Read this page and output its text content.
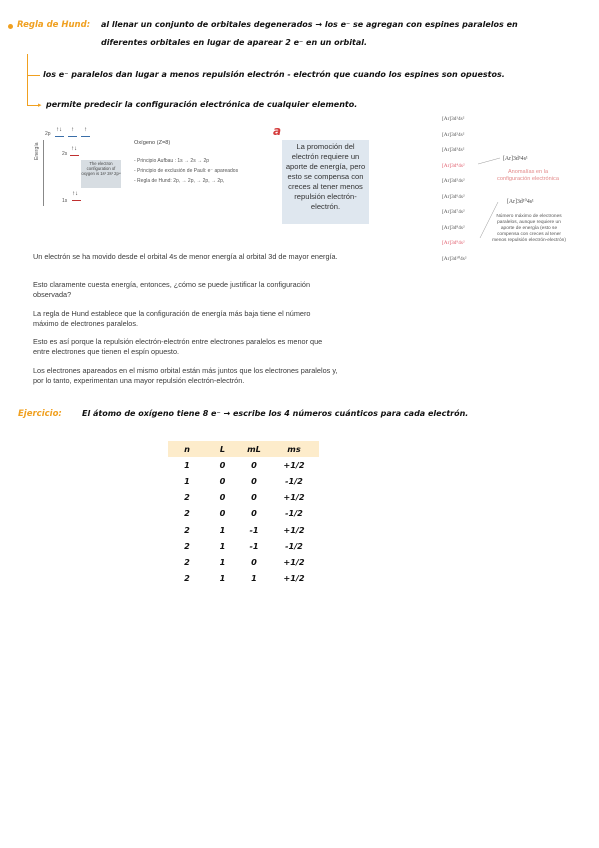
Regla de Hund: al llenar un conjunto de orbitales degenerados → los e⁻ se agregan con espines paralelos en
diferentes orbitales en lugar de aparear 2 e⁻ en un orbital.
los e⁻ paralelos dan lugar a menos repulsión electrón - electrón que cuando los espines son opuestos.
▸ permite predecir la configuración electrónica de cualquier elemento.
Energía
2p
↑↓ ↑ ↑
2s
↑↓
1s
↑↓
The electron configuration of oxygen is 1s² 2s² 2p⁴
Oxígeno (Z=8)
- Principio Aufbau : 1s → 2s → 2p
- Principio de exclusión de Pauli: e⁻ apareados
- Regla de Hund: 2p, → 2p, → 2p, → 2p,
a
La promoción del electrón requiere un aporte de energía, pero esto se compensa con creces al tener menos repulsión electrón-electrón.
[Ar]3d¹4s²
[Ar]3d²4s²
[Ar]3d³4s²
[Ar]3d⁴4s²
[Ar]3d⁵4s²
[Ar]3d⁶4s²
[Ar]3d⁷4s²
[Ar]3d⁸4s²
[Ar]3d⁹4s²
[Ar]3d¹⁰4s²
[Ar]3d⁵4s¹
Anomalías en la configuración electrónica
[Ar]3d¹⁰4s¹
Número máximo de electrones paralelos, aunque requiere un aporte de energía (esto se compensa con creces al tener menos repulsión electrón-electrón)
Un electrón se ha movido desde el orbital 4s de menor energía al orbital 3d de mayor energía.
Esto claramente cuesta energía, entonces, ¿cómo se puede justificar la configuración observada?
La regla de Hund establece que la configuración de energía más baja tiene el número máximo de electrones paralelos.
Esto es así porque la repulsión electrón-electrón entre electrones paralelos es menor que entre electrones que tienen el espín opuesto.
Los electrones apareados en el mismo orbital están más juntos que los electrones paralelos y, por lo tanto, experimentan una mayor repulsión electrón-electrón.
Ejercicio:	El átomo de oxígeno tiene 8 e⁻ → escribe los 4 números cuánticos para cada electrón.
n	L	mL	ms
1	0	0	+1/2
1	0	0	-1/2
2	0	0	+1/2
2	0	0	-1/2
2	1	-1	+1/2
2	1	-1	-1/2
2	1	0	+1/2
2	1	1	+1/2
